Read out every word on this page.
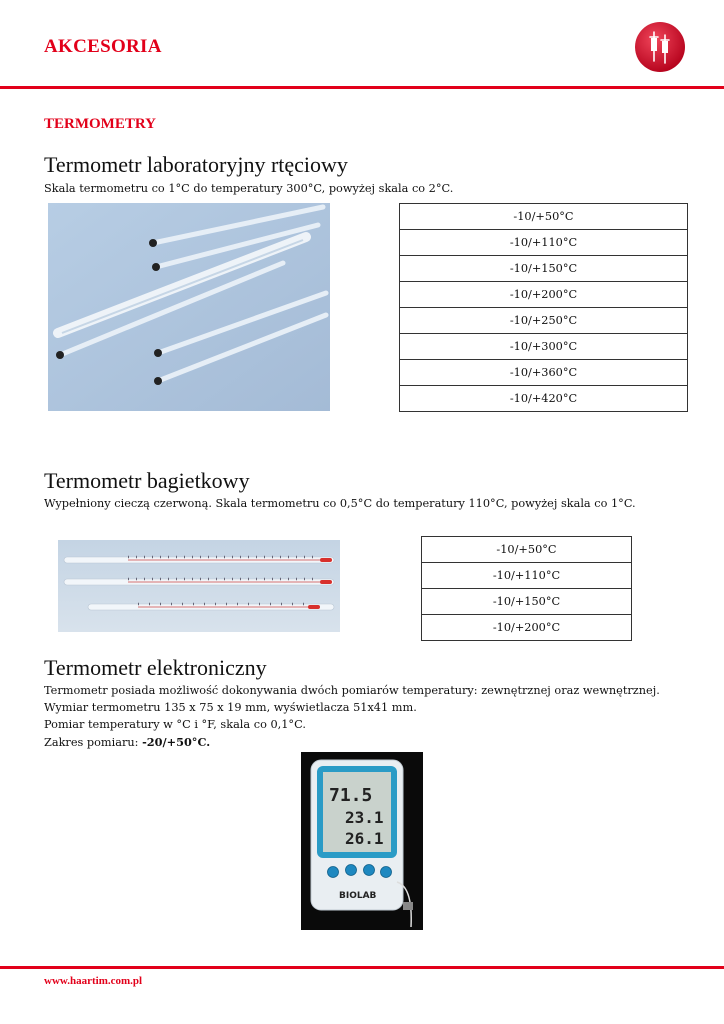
AKCESORIA
TERMOMETRY
Termometr laboratoryjny rtęciowy
Skala termometru co 1°C do temperatury 300°C, powyżej skala co 2°C.
-10/+50°C
-10/+110°C
-10/+150°C
-10/+200°C
-10/+250°C
-10/+300°C
-10/+360°C
-10/+420°C
Termometr bagietkowy
Wypełniony cieczą czerwoną. Skala termometru co 0,5°C do temperatury 110°C, powyżej skala co 1°C.
-10/+50°C
-10/+110°C
-10/+150°C
-10/+200°C
Termometr elektroniczny
Termometr posiada możliwość dokonywania dwóch pomiarów temperatury: zewnętrznej oraz wewnętrznej.
Wymiar termometru 135 x 75 x 19 mm, wyświetlacza 51x41 mm.
Pomiar temperatury w °C i °F, skala co 0,1°C.
Zakres pomiaru: -20/+50°C.
71.5
23.1
26.1
BIOLAB
www.haartim.com.pl
